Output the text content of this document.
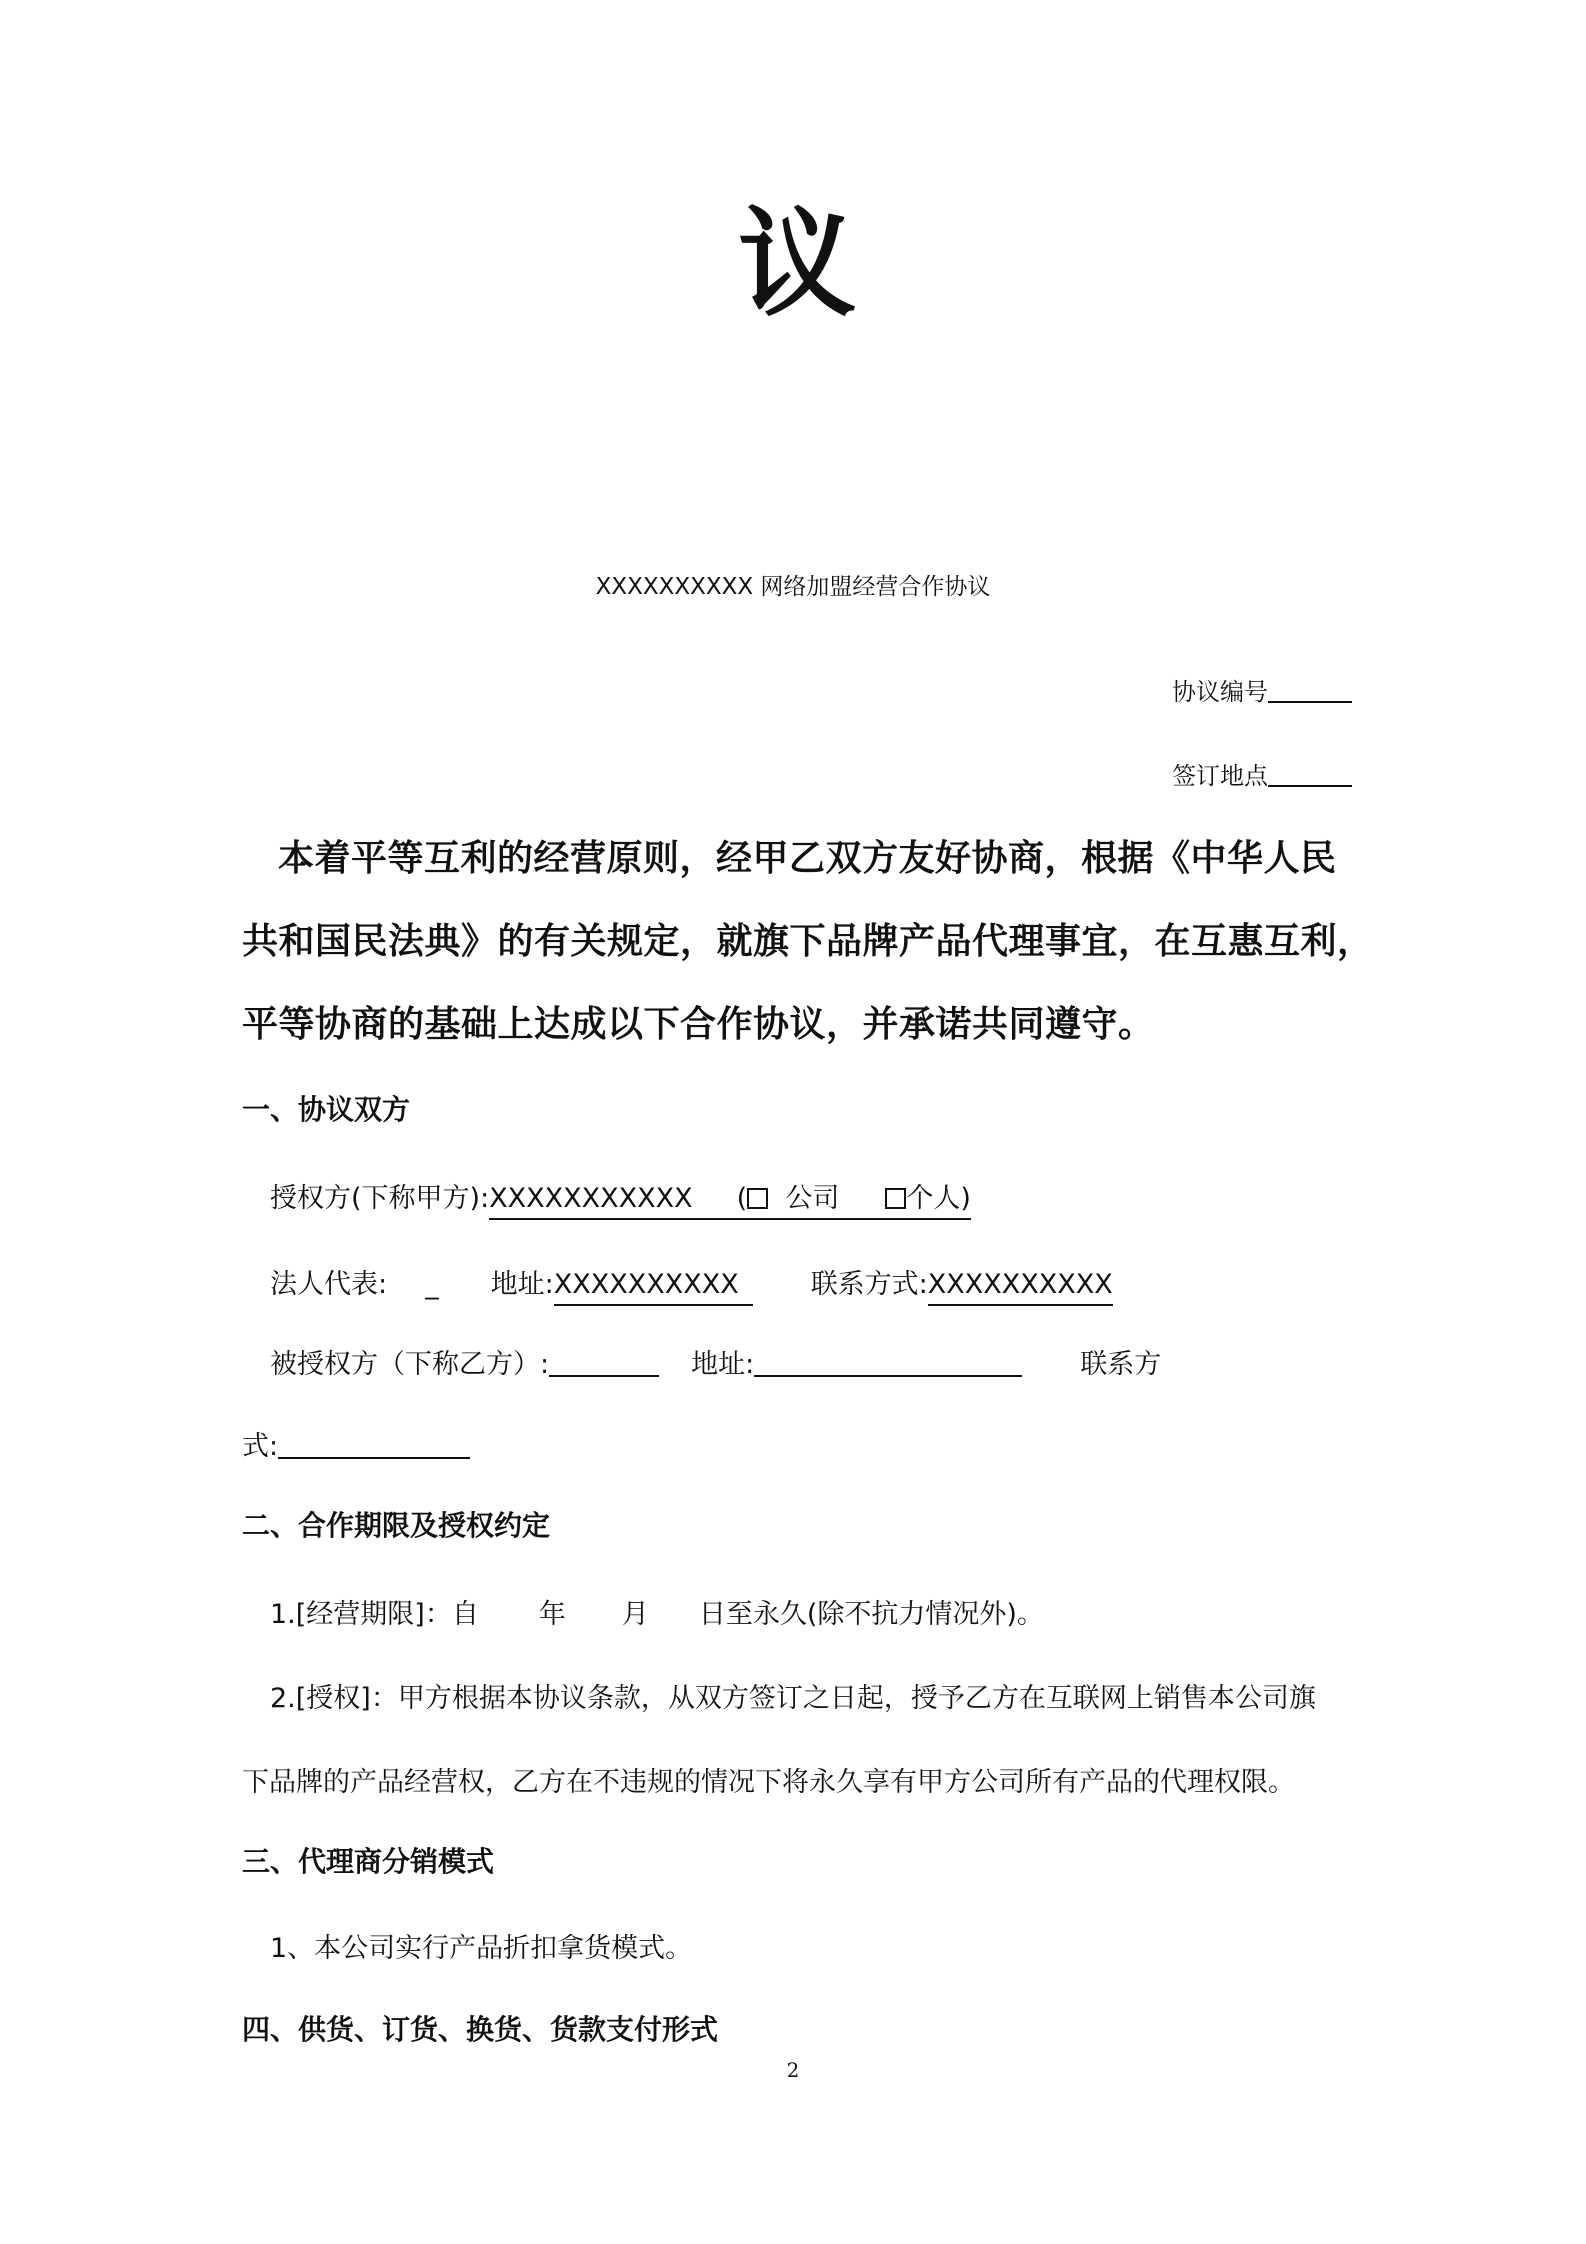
议
XXXXXXXXXX 网络加盟经营合作协议
协议编号
签订地点
本着平等互利的经营原则，经甲乙双方友好协商，根据《中华人民
共和国民法典》的有关规定，就旗下品牌产品代理事宜，在互惠互利，
平等协商的基础上达成以下合作协议，并承诺共同遵守。
一、协议双方
授权方(下称甲方):XXXXXXXXXXX ( 公司 个人)
法人代表: _ 地址:XXXXXXXXXX	联系方式:XXXXXXXXXX
被授权方（下称乙方）:	地址:	联系方
式:
二、合作期限及授权约定
1.[经营期限]：自 年 月 日至永久(除不抗力情况外)。
2.[授权]：甲方根据本协议条款，从双方签订之日起，授予乙方在互联网上销售本公司旗
下品牌的产品经营权，乙方在不违规的情况下将永久享有甲方公司所有产品的代理权限。
三、代理商分销模式
1、本公司实行产品折扣拿货模式。
四、供货、订货、换货、货款支付形式
2
